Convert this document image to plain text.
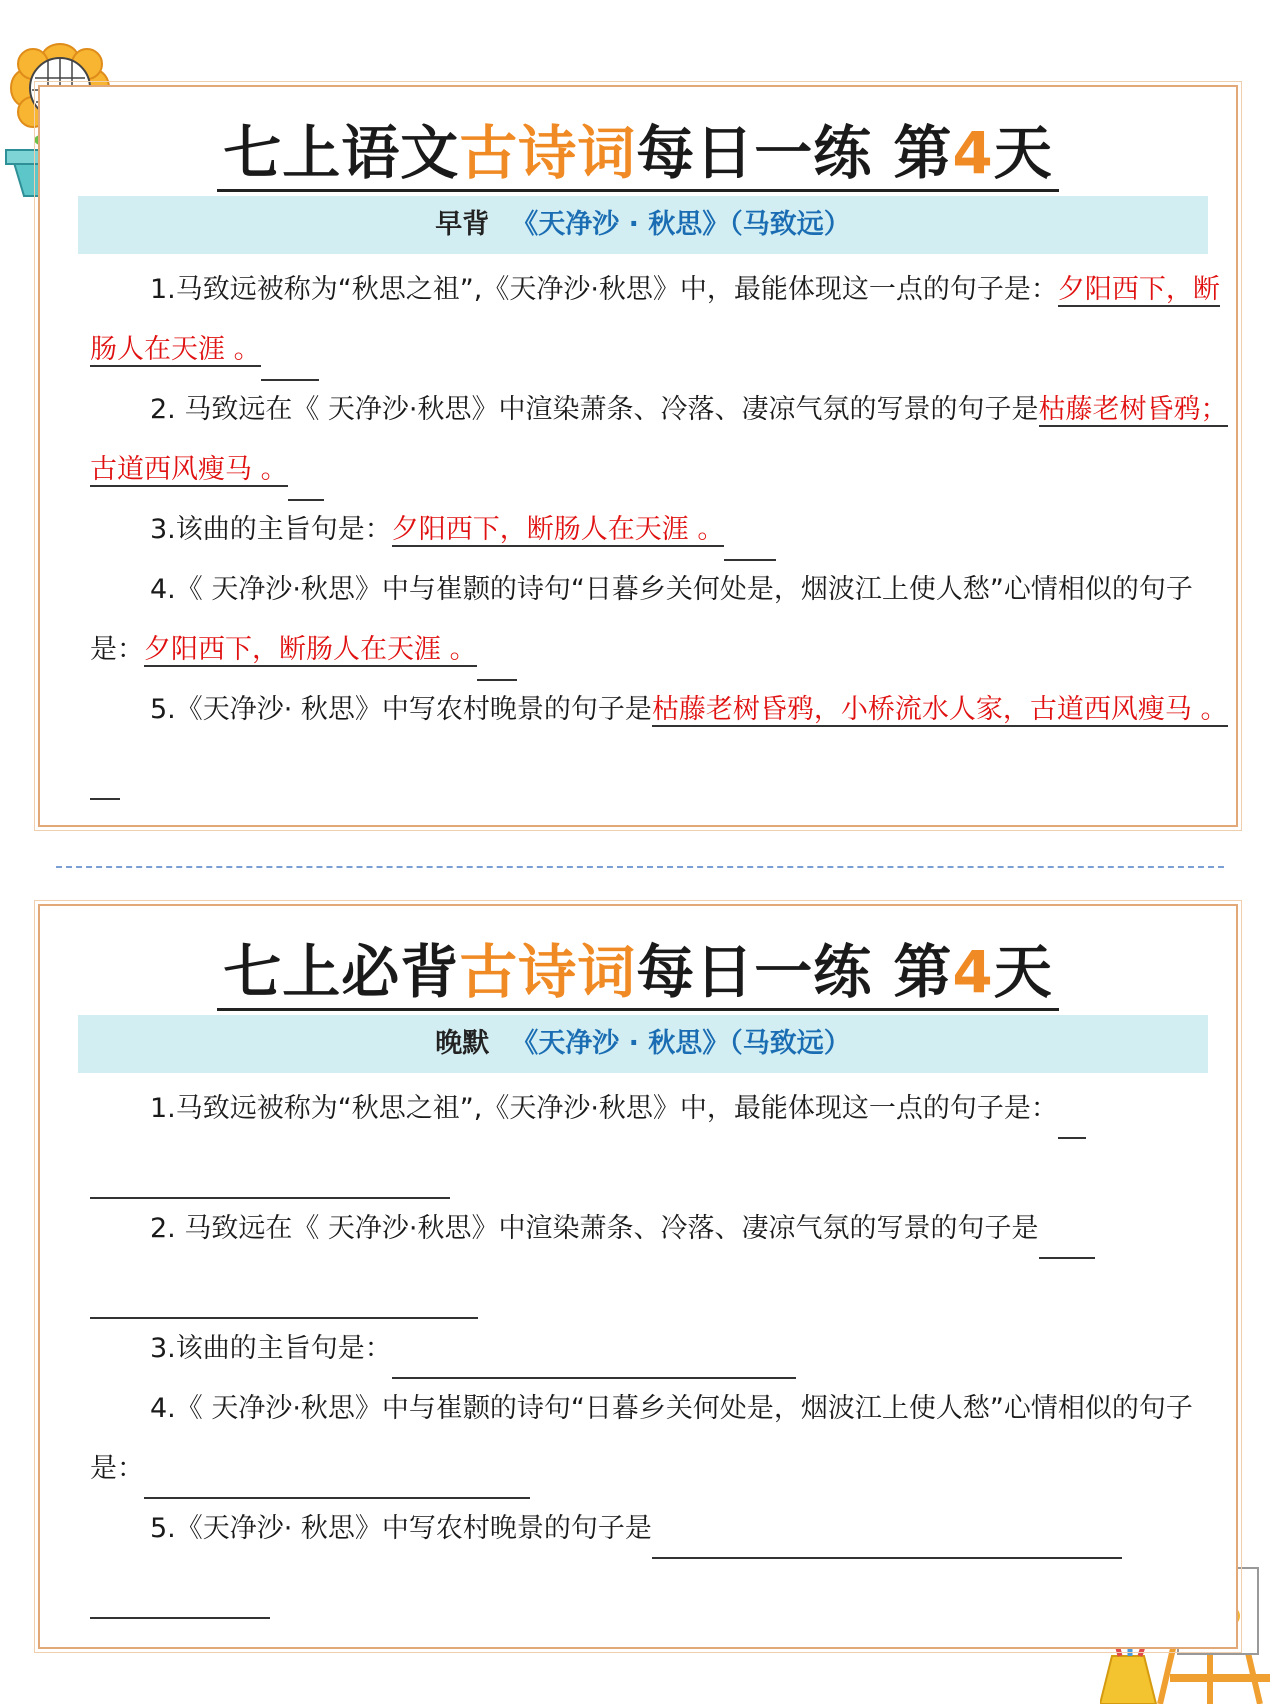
七上语文古诗词每日一练 第4天
早背 《天净沙 · 秋思》（马致远）
1.马致远被称为“秋思之祖”,《天净沙·秋思》中，最能体现这一点的句子是：夕阳西下，断肠人在天涯 。
2. 马致远在《 天净沙·秋思》中渲染萧条、冷落、凄凉气氛的写景的句子是枯藤老树昏鸦；古道西风瘦马 。
3.该曲的主旨句是：夕阳西下，断肠人在天涯 。
4.《 天净沙·秋思》中与崔颢的诗句“日暮乡关何处是，烟波江上使人愁”心情相似的句子是：夕阳西下，断肠人在天涯 。
5.《天净沙· 秋思》中写农村晚景的句子是枯藤老树昏鸦，小桥流水人家，古道西风瘦马 。
七上必背古诗词每日一练 第4天
晚默 《天净沙 · 秋思》（马致远）
1.马致远被称为“秋思之祖”,《天净沙·秋思》中，最能体现这一点的句子是：
2. 马致远在《 天净沙·秋思》中渲染萧条、冷落、凄凉气氛的写景的句子是
3.该曲的主旨句是：
4.《 天净沙·秋思》中与崔颢的诗句“日暮乡关何处是，烟波江上使人愁”心情相似的句子是：
5.《天净沙· 秋思》中写农村晚景的句子是
